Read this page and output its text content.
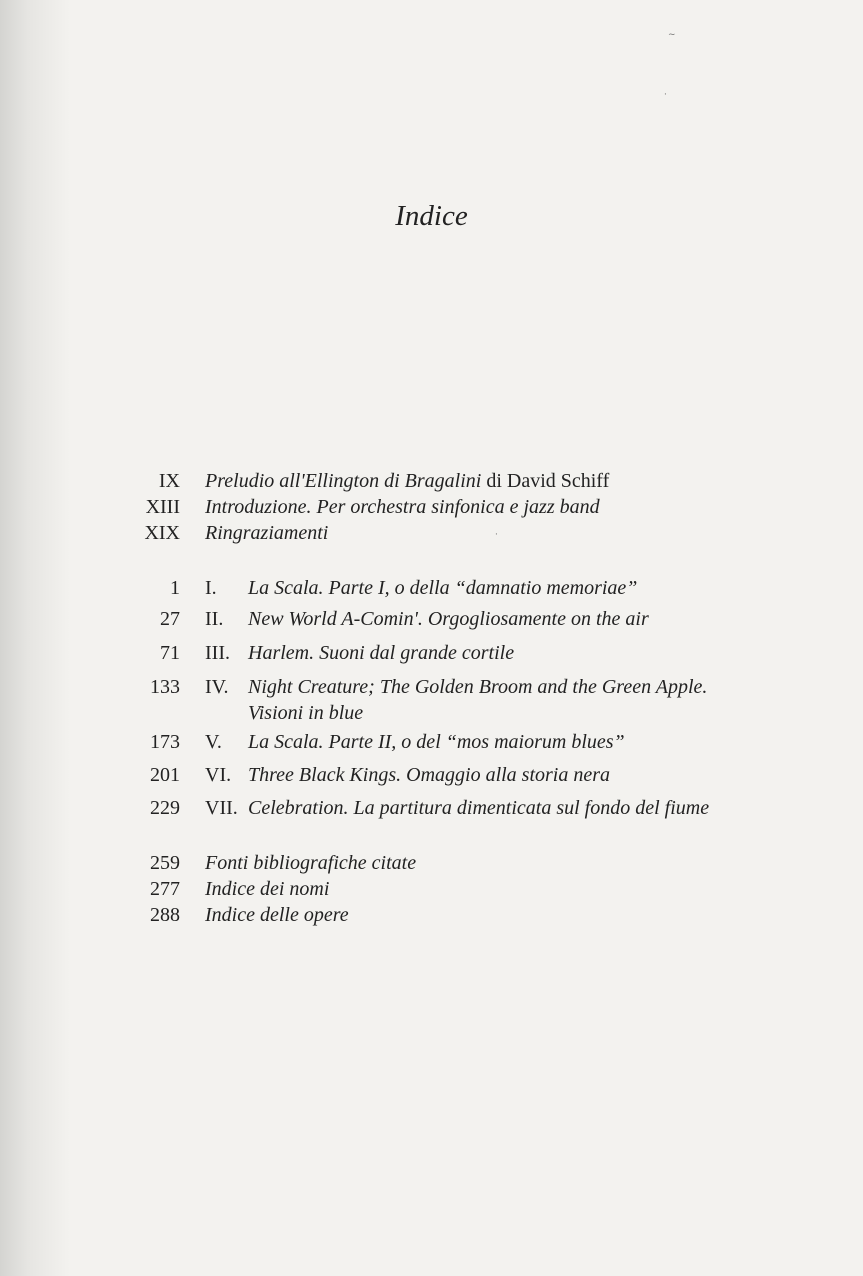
Indice
IX Preludio all'Ellington di Bragalini di David Schiff
XIII Introduzione. Per orchestra sinfonica e jazz band
XIX Ringraziamenti
1 I. La Scala. Parte I, o della “damnatio memoriae”
27 II. New World A-Comin'. Orgogliosamente on the air
71 III. Harlem. Suoni dal grande cortile
133 IV. Night Creature; The Golden Broom and the Green Apple.
Visioni in blue
173 V. La Scala. Parte II, o del “mos maiorum blues”
201 VI. Three Black Kings. Omaggio alla storia nera
229 VII. Celebration. La partitura dimenticata sul fondo del fiume
259 Fonti bibliografiche citate
277 Indice dei nomi
288 Indice delle opere
~
·
·
